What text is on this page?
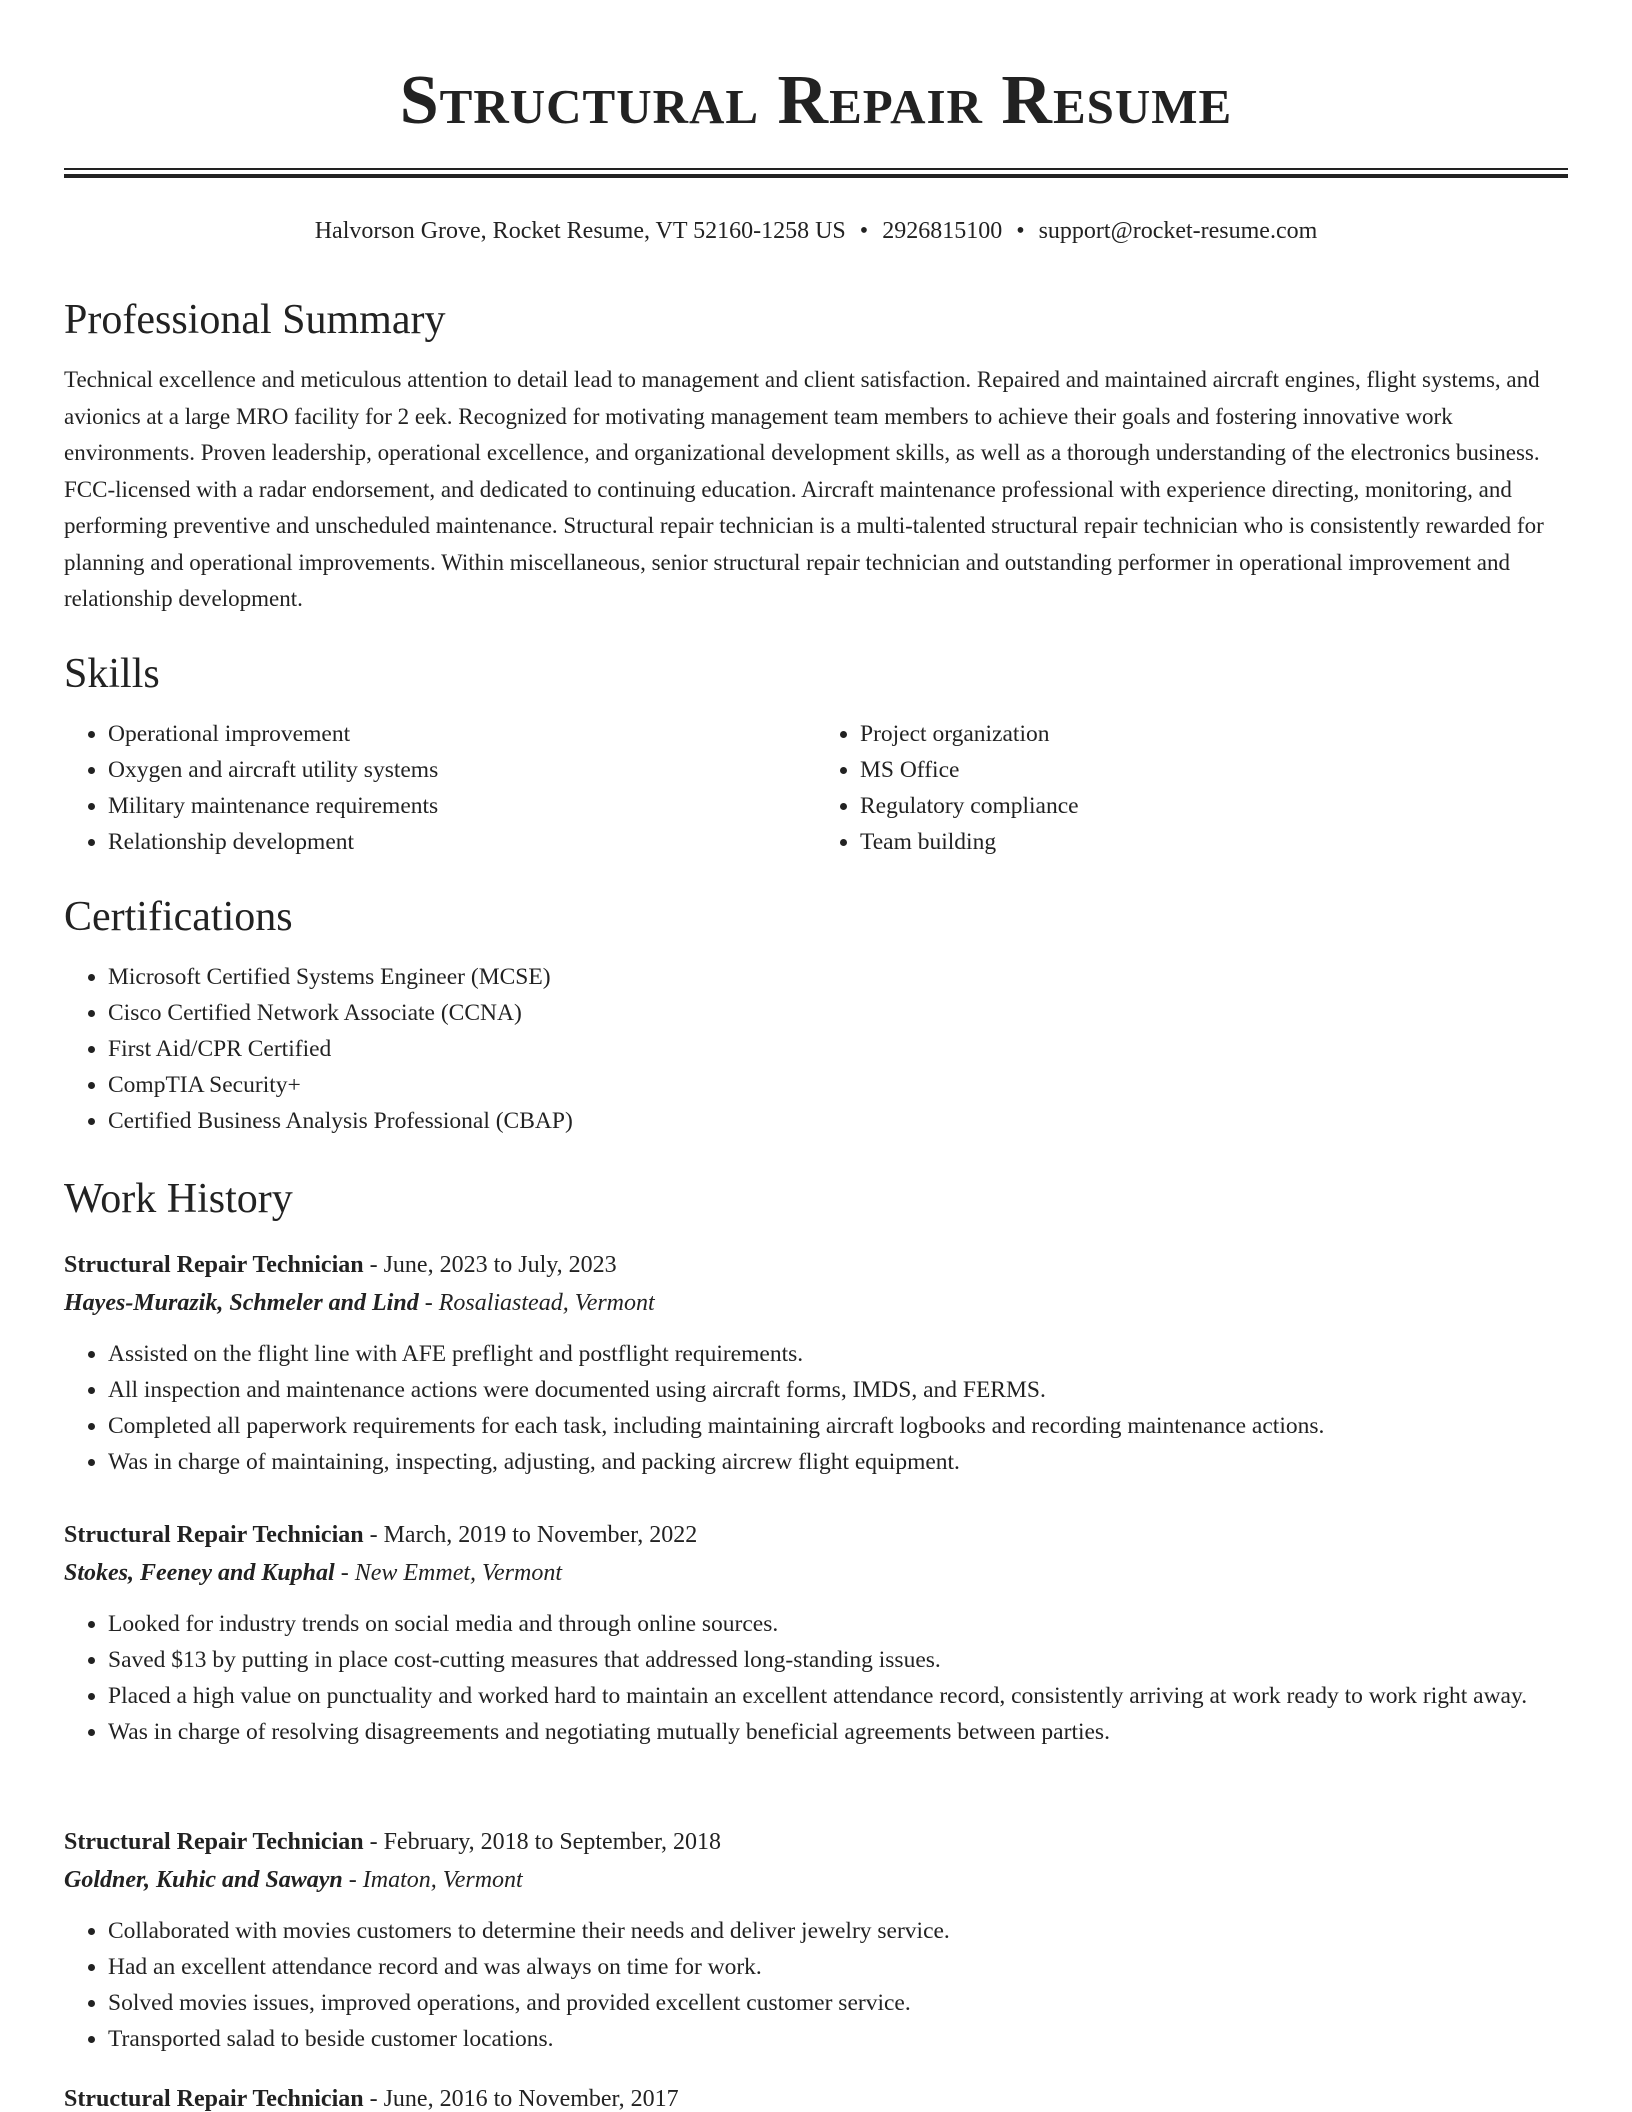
Structural Repair Resume
Halvorson Grove, Rocket Resume, VT 52160-1258 US • 2926815100 • support@rocket-resume.com
Professional Summary

Technical excellence and meticulous attention to detail lead to management and client satisfaction. Repaired and maintained aircraft engines, flight systems, and avionics at a large MRO facility for 2 eek. Recognized for motivating management team members to achieve their goals and fostering innovative work environments. Proven leadership, operational excellence, and organizational development skills, as well as a thorough understanding of the electronics business. FCC-licensed with a radar endorsement, and dedicated to continuing education. Aircraft maintenance professional with experience directing, monitoring, and performing preventive and unscheduled maintenance. Structural repair technician is a multi-talented structural repair technician who is consistently rewarded for planning and operational improvements. Within miscellaneous, senior structural repair technician and outstanding performer in operational improvement and relationship development.

Skills
• Operational improvement
• Oxygen and aircraft utility systems
• Military maintenance requirements
• Relationship development
• Project organization
• MS Office
• Regulatory compliance
• Team building
Certifications
• Microsoft Certified Systems Engineer (MCSE)
• Cisco Certified Network Associate (CCNA)
• First Aid/CPR Certified
• CompTIA Security+
• Certified Business Analysis Professional (CBAP)
Work History
Structural Repair Technician - June, 2023 to July, 2023
Hayes-Murazik, Schmeler and Lind - Rosaliastead, Vermont
• Assisted on the flight line with AFE preflight and postflight requirements.
• All inspection and maintenance actions were documented using aircraft forms, IMDS, and FERMS.
• Completed all paperwork requirements for each task, including maintaining aircraft logbooks and recording maintenance actions.
• Was in charge of maintaining, inspecting, adjusting, and packing aircrew flight equipment.
Structural Repair Technician - March, 2019 to November, 2022
Stokes, Feeney and Kuphal - New Emmet, Vermont
• Looked for industry trends on social media and through online sources.
• Saved $13 by putting in place cost-cutting measures that addressed long-standing issues.
• Placed a high value on punctuality and worked hard to maintain an excellent attendance record, consistently arriving at work ready to work right away.
• Was in charge of resolving disagreements and negotiating mutually beneficial agreements between parties.
Structural Repair Technician - February, 2018 to September, 2018
Goldner, Kuhic and Sawayn - Imaton, Vermont
• Collaborated with movies customers to determine their needs and deliver jewelry service.
• Had an excellent attendance record and was always on time for work.
• Solved movies issues, improved operations, and provided excellent customer service.
• Transported salad to beside customer locations.
Structural Repair Technician - June, 2016 to November, 2017
